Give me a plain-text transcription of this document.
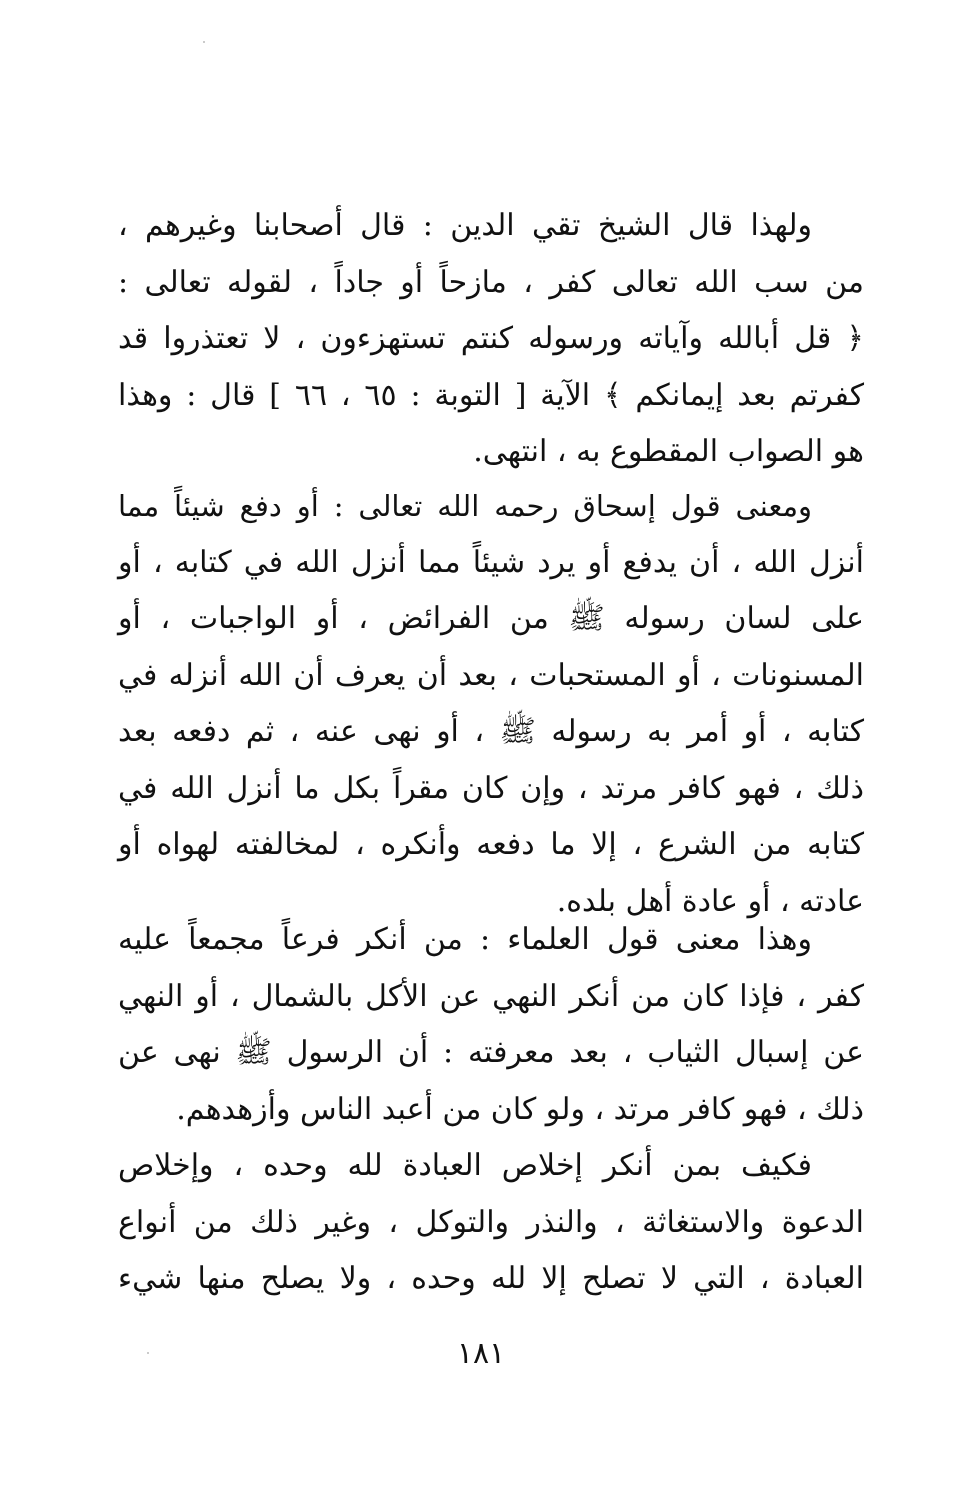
ولهذا قال الشيخ تقي الدين : قال أصحابنا وغيرهم ،
من سب الله تعالى كفر ، مازحاً أو جاداً ، لقوله تعالى :
﴿ قل أبالله وآياته ورسوله كنتم تستهزءون ، لا تعتذروا قد
كفرتم بعد إيمانكم ﴾ الآية [ التوبة : ٦٥ ، ٦٦ ] قال : وهذا
هو الصواب المقطوع به ، انتهى.

ومعنى قول إسحاق رحمه الله تعالى : أو دفع شيئاً مما
أنزل الله ، أن يدفع أو يرد شيئاً مما أنزل الله في كتابه ، أو
على لسان رسوله ﷺ من الفرائض ، أو الواجبات ، أو
المسنونات ، أو المستحبات ، بعد أن يعرف أن الله أنزله في
كتابه ، أو أمر به رسوله ﷺ ، أو نهى عنه ، ثم دفعه بعد
ذلك ، فهو كافر مرتد ، وإن كان مقراً بكل ما أنزل الله في
كتابه من الشرع ، إلا ما دفعه وأنكره ، لمخالفته لهواه أو
عادته ، أو عادة أهل بلده.

وهذا معنى قول العلماء : من أنكر فرعاً مجمعاً عليه
كفر ، فإذا كان من أنكر النهي عن الأكل بالشمال ، أو النهي
عن إسبال الثياب ، بعد معرفته : أن الرسول ﷺ نهى عن
ذلك ، فهو كافر مرتد ، ولو كان من أعبد الناس وأزهدهم.

فكيف بمن أنكر إخلاص العبادة لله وحده ، وإخلاص
الدعوة والاستغاثة ، والنذر والتوكل ، وغير ذلك من أنواع
العبادة ، التي لا تصلح إلا لله وحده ، ولا يصلح منها شيء

١٨١
